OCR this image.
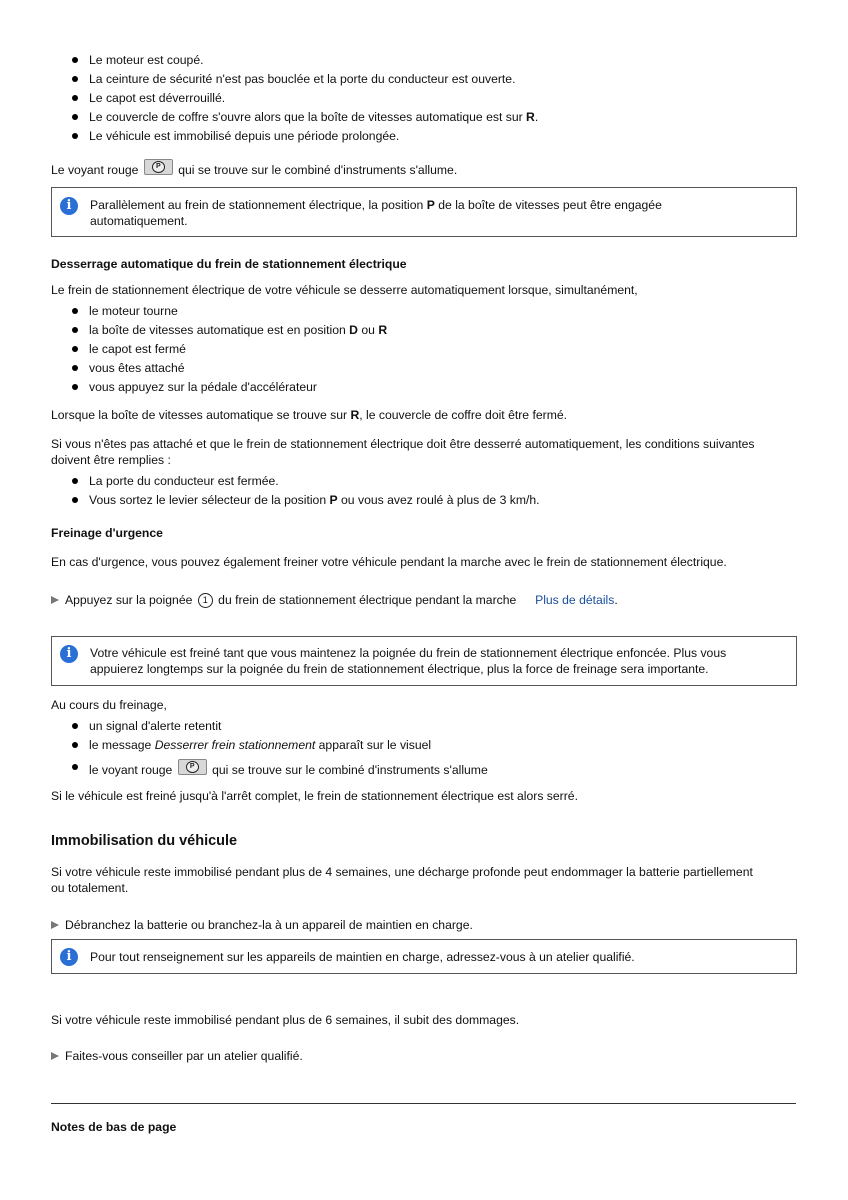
Le moteur est coupé.
La ceinture de sécurité n'est pas bouclée et la porte du conducteur est ouverte.
Le capot est déverrouillé.
Le couvercle de coffre s'ouvre alors que la boîte de vitesses automatique est sur R.
Le véhicule est immobilisé depuis une période prolongée.
Le voyant rouge	P	qui se trouve sur le combiné d'instruments s'allume.
i	Parallèlement au frein de stationnement électrique, la position P de la boîte de vitesses peut être engagée
automatiquement.
Desserrage automatique du frein de stationnement électrique
Le frein de stationnement électrique de votre véhicule se desserre automatiquement lorsque, simultanément,
le moteur tourne
la boîte de vitesses automatique est en position D ou R
le capot est fermé
vous êtes attaché
vous appuyez sur la pédale d'accélérateur
Lorsque la boîte de vitesses automatique se trouve sur R, le couvercle de coffre doit être fermé.
Si vous n'êtes pas attaché et que le frein de stationnement électrique doit être desserré automatiquement, les conditions suivantes
doivent être remplies :
La porte du conducteur est fermée.
Vous sortez le levier sélecteur de la position P ou vous avez roulé à plus de 3 km/h.
Freinage d'urgence
En cas d'urgence, vous pouvez également freiner votre véhicule pendant la marche avec le frein de stationnement électrique.
Appuyez sur la poignée 1 du frein de stationnement électrique pendant la marche Plus de détails.
i	Votre véhicule est freiné tant que vous maintenez la poignée du frein de stationnement électrique enfoncée. Plus vous
appuierez longtemps sur la poignée du frein de stationnement électrique, plus la force de freinage sera importante.
Au cours du freinage,
un signal d'alerte retentit
le message Desserrer frein stationnement apparaît sur le visuel
le voyant rouge	P	qui se trouve sur le combiné d'instruments s'allume
Si le véhicule est freiné jusqu'à l'arrêt complet, le frein de stationnement électrique est alors serré.
Immobilisation du véhicule
Si votre véhicule reste immobilisé pendant plus de 4 semaines, une décharge profonde peut endommager la batterie partiellement
ou totalement.
Débranchez la batterie ou branchez-la à un appareil de maintien en charge.
i	Pour tout renseignement sur les appareils de maintien en charge, adressez-vous à un atelier qualifié.
Si votre véhicule reste immobilisé pendant plus de 6 semaines, il subit des dommages.
Faites-vous conseiller par un atelier qualifié.
Notes de bas de page
